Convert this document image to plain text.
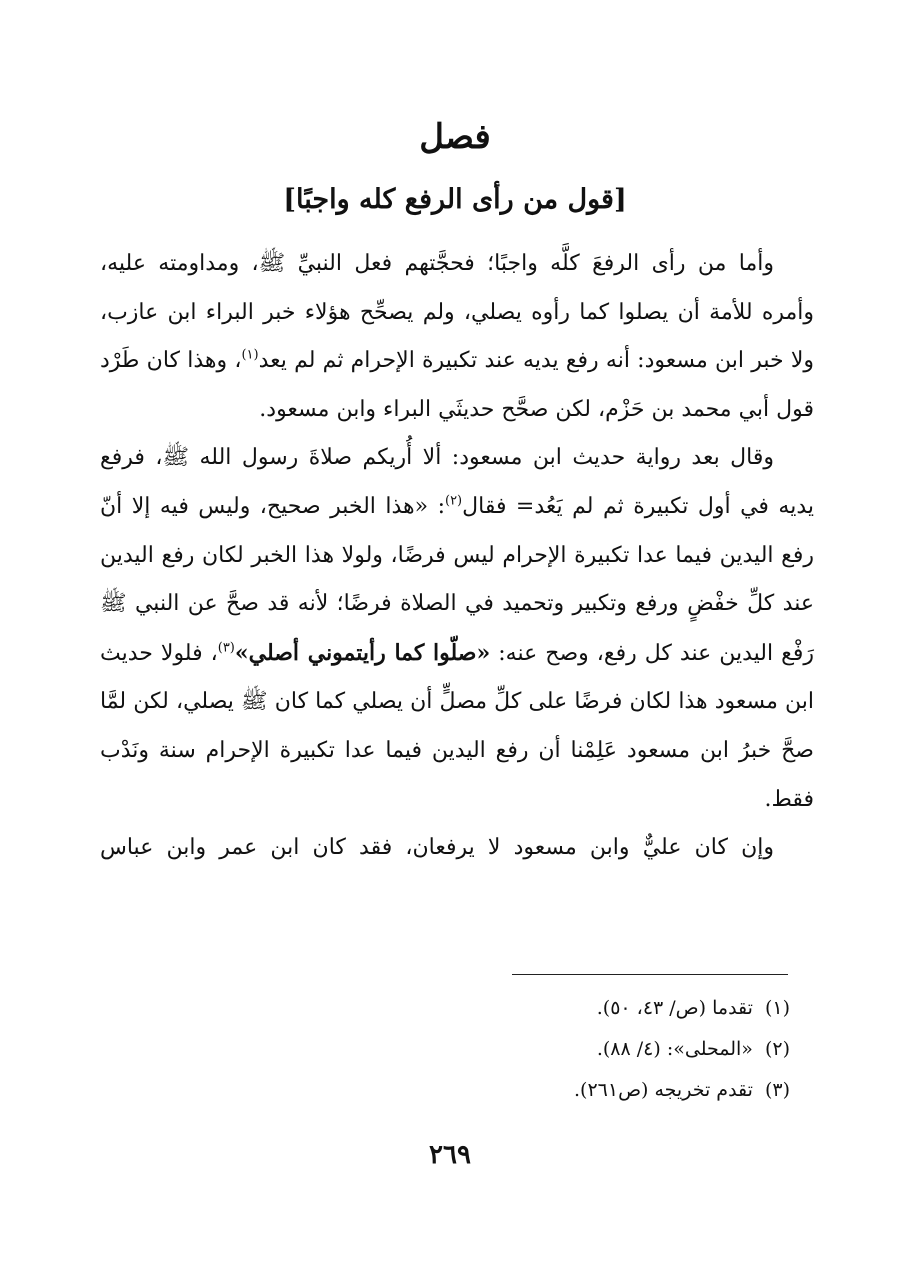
فصل
[قول من رأى الرفع كله واجبًا]

وأما من رأى الرفعَ كلَّه واجبًا؛ فحجَّتهم فعل النبيِّ ﷺ، ومداومته عليه، وأمره للأمة أن يصلوا كما رأوه يصلي، ولم يصحِّح هؤلاء خبر البراء ابن عازب، ولا خبر ابن مسعود: أنه رفع يديه عند تكبيرة الإحرام ثم لم يعد$^{(١)}$، وهذا كان طَرْد قول أبي محمد بن حَزْم، لكن صحَّح حديثَي البراء وابن مسعود.

وقال بعد رواية حديث ابن مسعود: ألا أُريكم صلاةَ رسول الله ﷺ، فرفع يديه في أول تكبيرة ثم لم يَعُد= فقال$^{(٢)}$: «هذا الخبر صحيح، وليس فيه إلا أنّ رفع اليدين فيما عدا تكبيرة الإحرام ليس فرضًا، ولولا هذا الخبر لكان رفع اليدين عند كلِّ خفْضٍ ورفع وتكبير وتحميد في الصلاة فرضًا؛ لأنه قد صحَّ عن النبي ﷺ رَفْع اليدين عند كل رفع، وصح عنه: «صلّوا كما رأيتموني أصلي»$^{(٣)}$، فلولا حديث ابن مسعود هذا لكان فرضًا على كلِّ مصلٍّ أن يصلي كما كان ﷺ يصلي، لكن لمَّا صحَّ خبرُ ابن مسعود عَلِمْنا أن رفع اليدين فيما عدا تكبيرة الإحرام سنة ونَدْب فقط.

وإن كان عليٌّ وابن مسعود لا يرفعان، فقد كان ابن عمر وابن عباس

(١)تقدما (ص/ ٤٣، ٥٠).
(٢)«المحلى»: (٤/ ٨٨).
(٣)تقدم تخريجه (ص٢٦١).
٢٦٩
